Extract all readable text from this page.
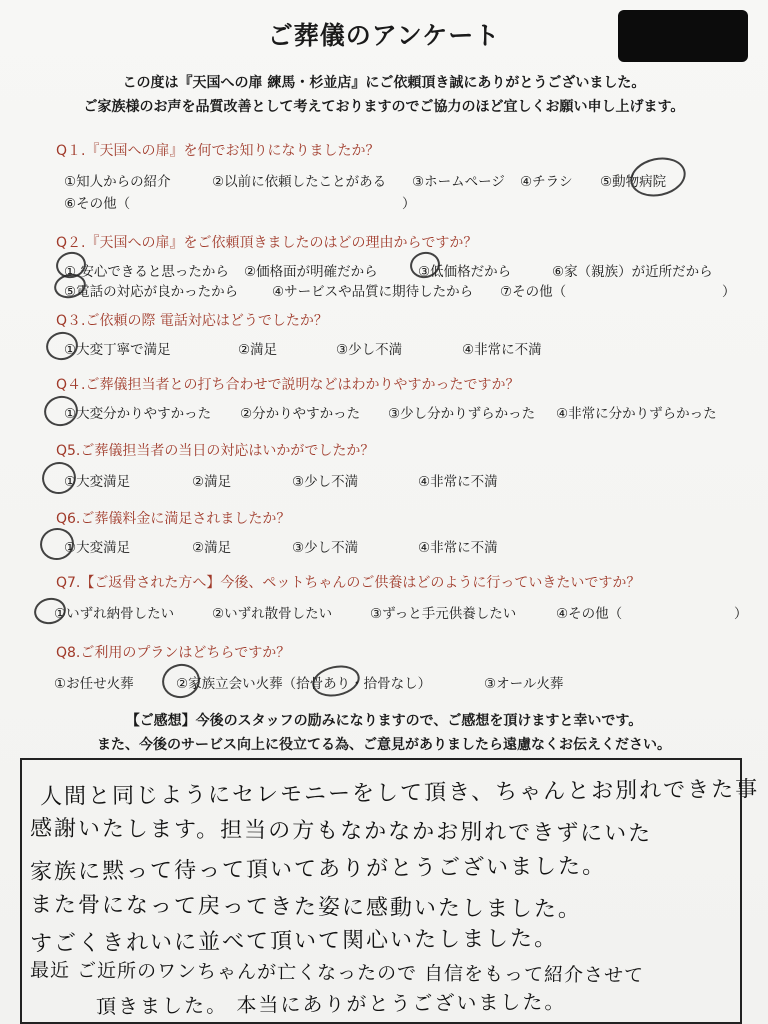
ご葬儀のアンケート
この度は『天国への扉 練馬・杉並店』にご依頼頂き誠にありがとうございました。
ご家族様のお声を品質改善として考えておりますのでご協力のほど宜しくお願い申し上げます。
Q１.『天国への扉』を何でお知りになりましたか？
①知人からの紹介	②以前に依頼したことがある ③ホームページ ④チラシ ⑤動物病院
⑥その他（	）
Q２.『天国への扉』をご依頼頂きましたのはどの理由からですか？
① 安心できると思ったから ②価格面が明確だから	③低価格だから	⑥家（親族）が近所だから
⑤電話の対応が良かったから	④サービスや品質に期待したから ⑦その他（	）
Q３.ご依頼の際 電話対応はどうでしたか？
①大変丁寧で満足	②満足	③少し不満	④非常に不満
Q４.ご葬儀担当者との打ち合わせで説明などはわかりやすかったですか？
①大変分かりやすかった ②分かりやすかった ③少し分かりずらかった ④非常に分かりずらかった
Q5.ご葬儀担当者の当日の対応はいかがでしたか？
①大変満足	②満足	③少し不満	④非常に不満
Q6.ご葬儀料金に満足されましたか？
①大変満足	②満足	③少し不満	④非常に不満
Q7.【ご返骨された方へ】今後、ペットちゃんのご供養はどのように行っていきたいですか？
①いずれ納骨したい	②いずれ散骨したい	③ずっと手元供養したい	④その他（	）
Q8.ご利用のプランはどちらですか？
①お任せ火葬	②家族立会い火葬（拾骨あり・拾骨なし）	③オール火葬
【ご感想】今後のスタッフの励みになりますので、ご感想を頂けますと幸いです。
また、今後のサービス向上に役立てる為、ご意見がありましたら遠慮なくお伝えください。
人間と同じようにセレモニーをして頂き、ちゃんとお別れできた事
感謝いたします。担当の方もなかなかお別れできずにいた
家族に黙って待って頂いてありがとうございました。
また骨になって戻ってきた姿に感動いたしました。
すごくきれいに並べて頂いて関心いたしました。
最近 ご近所のワンちゃんが亡くなったので 自信をもって紹介させて
頂きました。 本当にありがとうございました。
